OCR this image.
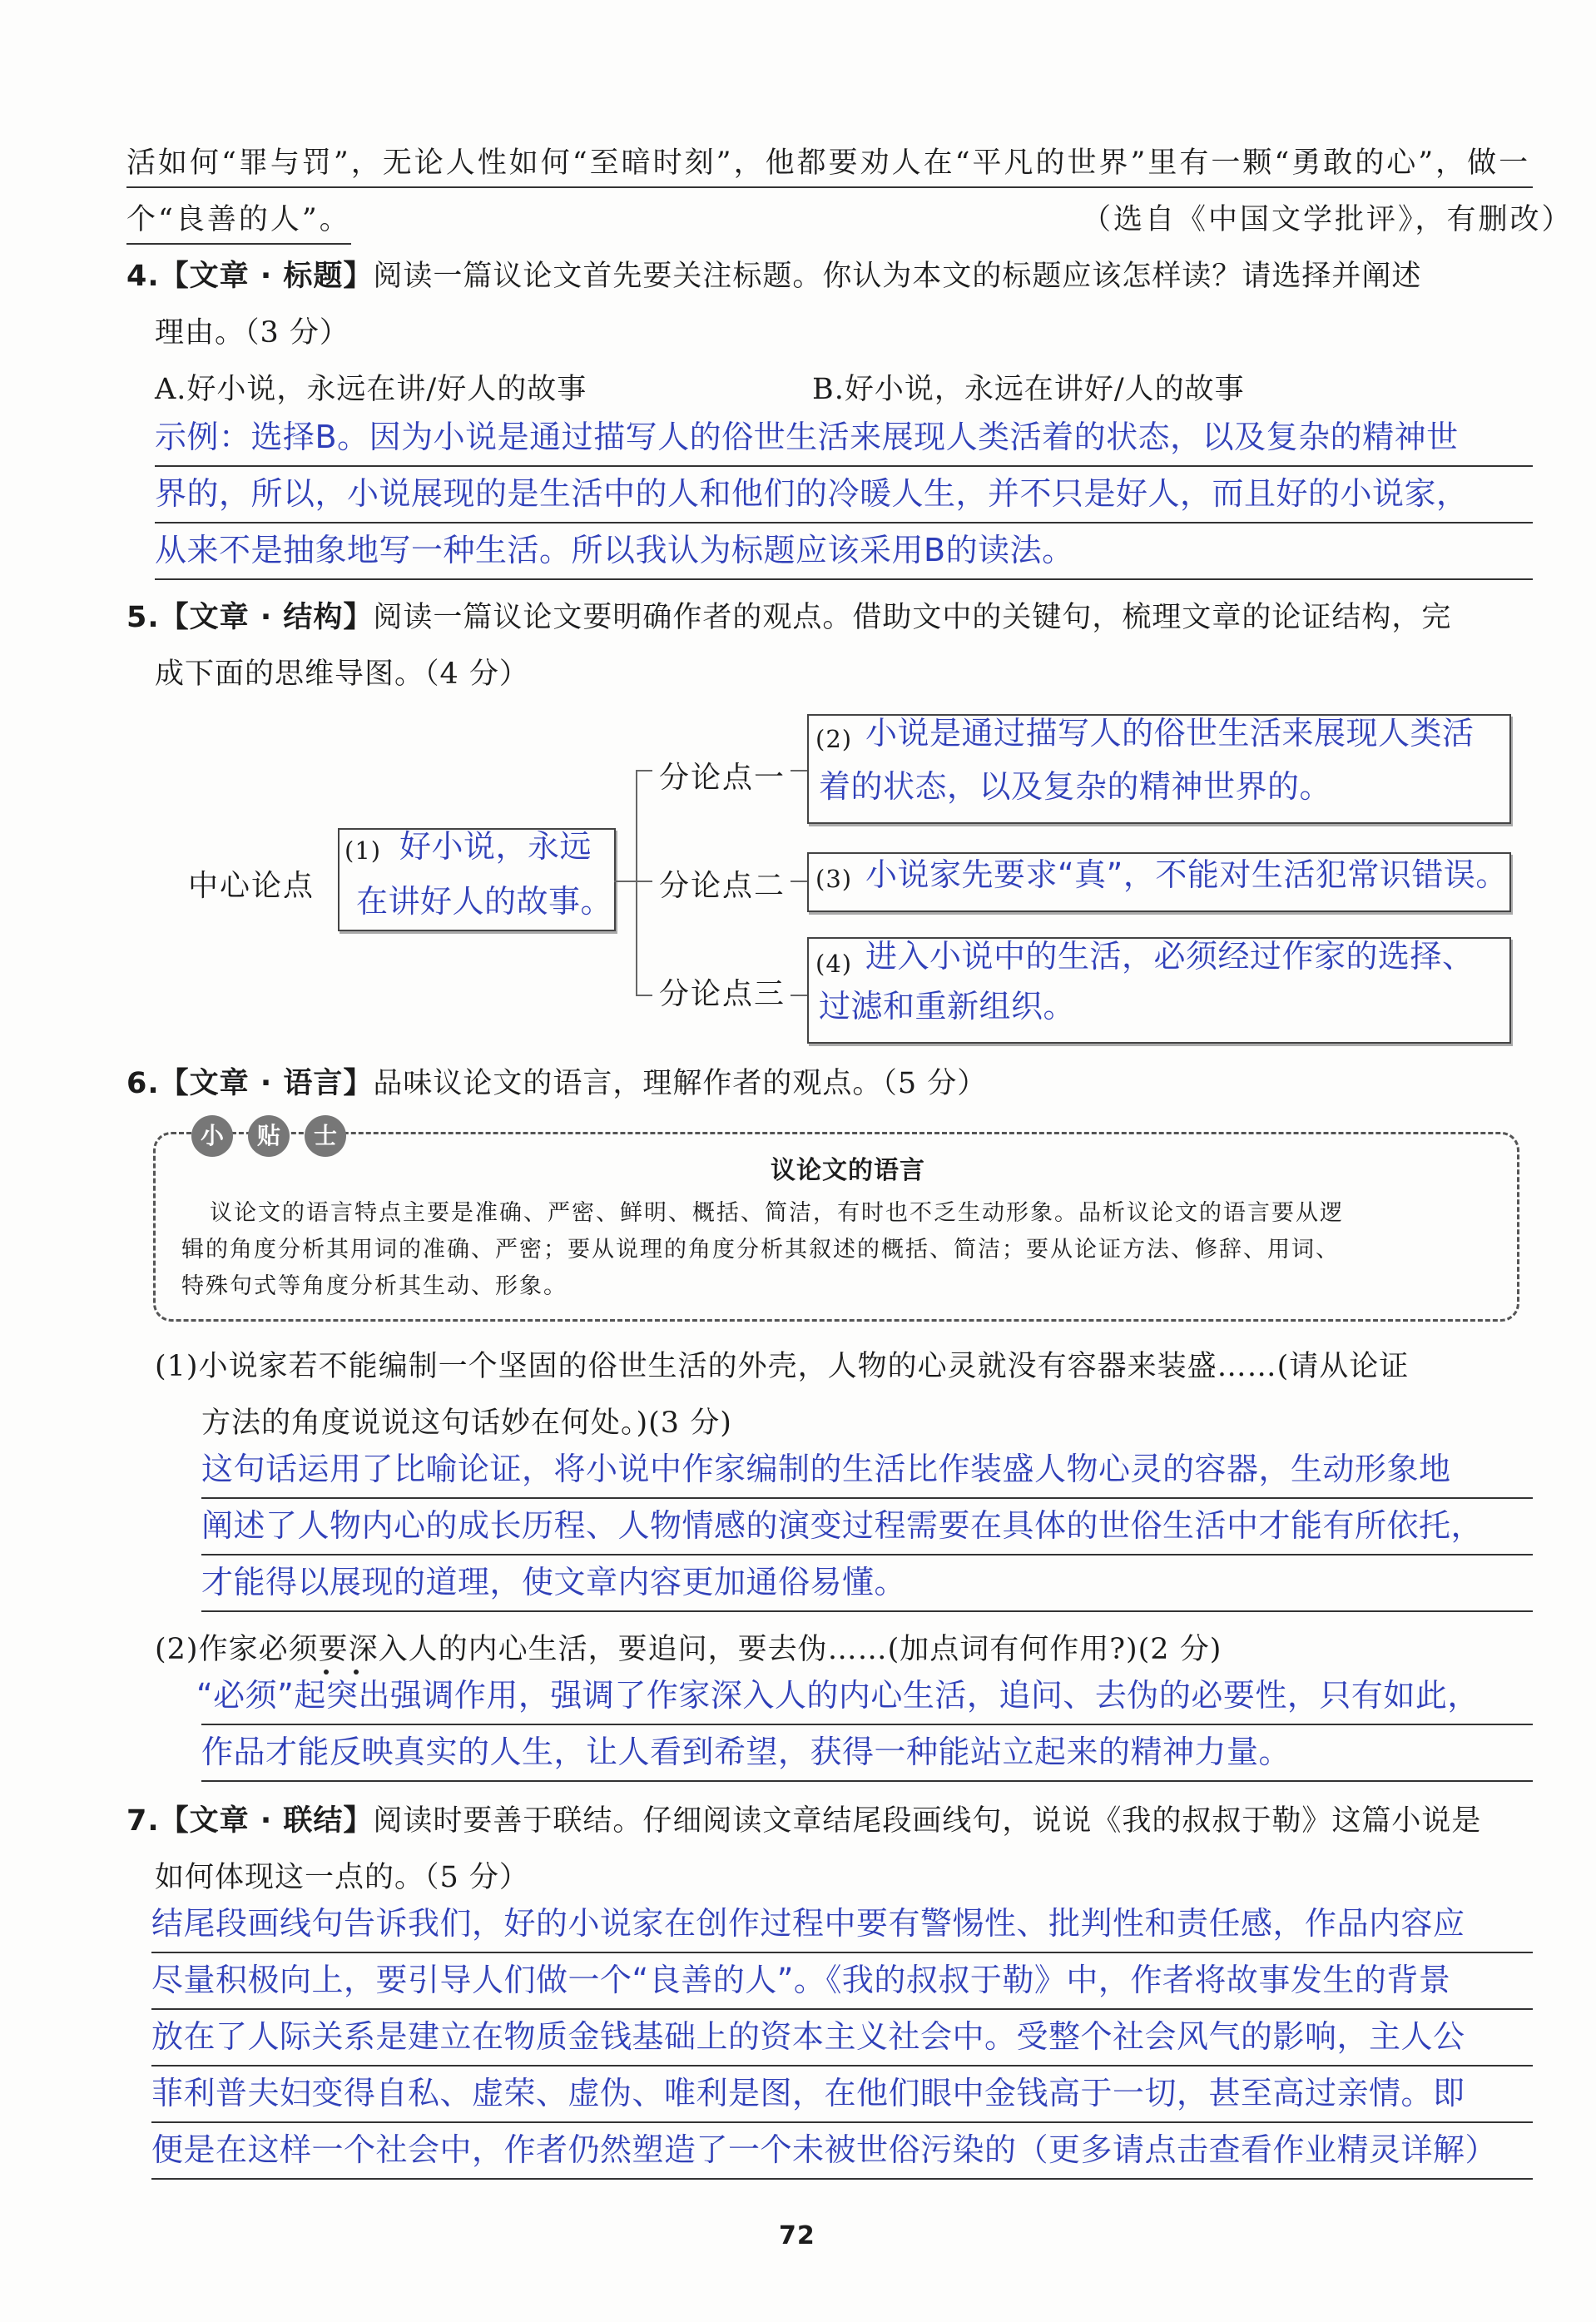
活如何“罪与罚”，无论人性如何“至暗时刻”，他都要劝人在“平凡的世界”里有一颗“勇敢的心”，做一
个“良善的人”。	（选自《中国文学批评》，有删改）
4.【文章 · 标题】阅读一篇议论文首先要关注标题。你认为本文的标题应该怎样读？请选择并阐述
理由。（3 分）
A.好小说，永远在讲/好人的故事	B.好小说，永远在讲好/人的故事
示例：选择B。因为小说是通过描写人的俗世生活来展现人类活着的状态，以及复杂的精神世
界的，所以，小说展现的是生活中的人和他们的冷暖人生，并不只是好人，而且好的小说家，
从来不是抽象地写一种生活。所以我认为标题应该采用B的读法。
5.【文章 · 结构】阅读一篇议论文要明确作者的观点。借助文中的关键句，梳理文章的论证结构，完
成下面的思维导图。（4 分）
中心论点
(1) 好小说，永远
在讲好人的故事。
分论点一
分论点二
分论点三
(2) 小说是通过描写人的俗世生活来展现人类活
着的状态，以及复杂的精神世界的。
(3) 小说家先要求“真”，不能对生活犯常识错误。
(4) 进入小说中的生活，必须经过作家的选择、
过滤和重新组织。
6.【文章 · 语言】品味议论文的语言，理解作者的观点。（5 分）
小	贴	士
议论文的语言
议论文的语言特点主要是准确、严密、鲜明、概括、简洁，有时也不乏生动形象。品析议论文的语言要从逻
辑的角度分析其用词的准确、严密；要从说理的角度分析其叙述的概括、简洁；要从论证方法、修辞、用词、
特殊句式等角度分析其生动、形象。
(1)小说家若不能编制一个坚固的俗世生活的外壳，人物的心灵就没有容器来装盛……(请从论证
方法的角度说说这句话妙在何处。)(3 分)
这句话运用了比喻论证，将小说中作家编制的生活比作装盛人物心灵的容器，生动形象地
阐述了人物内心的成长历程、人物情感的演变过程需要在具体的世俗生活中才能有所依托，
才能得以展现的道理，使文章内容更加通俗易懂。
(2)作家必须要深入人的内心生活，要追问，要去伪……(加点词有何作用?)(2 分)
“必须”起突出强调作用，强调了作家深入人的内心生活，追问、去伪的必要性，只有如此，
作品才能反映真实的人生，让人看到希望，获得一种能站立起来的精神力量。
7.【文章 · 联结】阅读时要善于联结。仔细阅读文章结尾段画线句，说说《我的叔叔于勒》这篇小说是
如何体现这一点的。（5 分）
结尾段画线句告诉我们，好的小说家在创作过程中要有警惕性、批判性和责任感，作品内容应
尽量积极向上，要引导人们做一个“良善的人”。《我的叔叔于勒》中，作者将故事发生的背景
放在了人际关系是建立在物质金钱基础上的资本主义社会中。受整个社会风气的影响，主人公
菲利普夫妇变得自私、虚荣、虚伪、唯利是图，在他们眼中金钱高于一切，甚至高过亲情。即
便是在这样一个社会中，作者仍然塑造了一个未被世俗污染的（更多请点击查看作业精灵详解）
72
